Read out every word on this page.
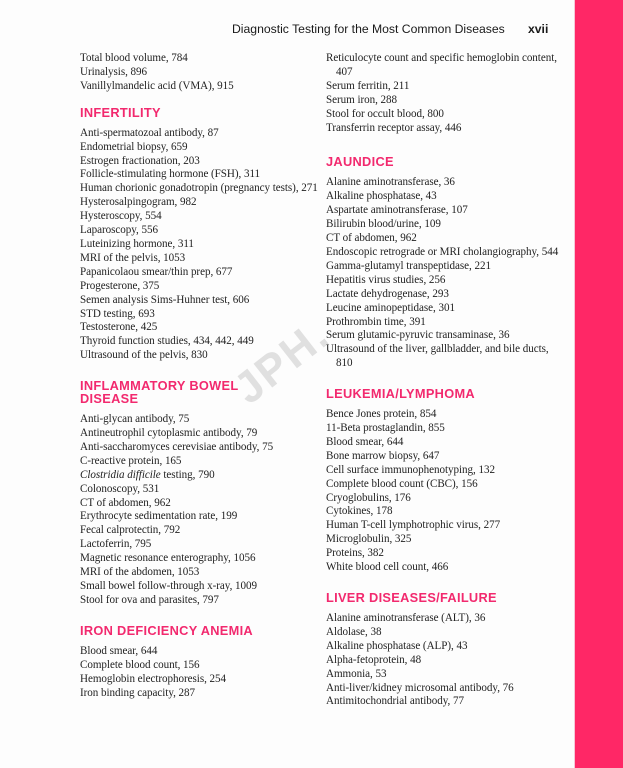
Diagnostic Testing for the Most Common Diseases xvii
JPH.
Total blood volume, 784
Urinalysis, 896
Vanillylmandelic acid (VMA), 915
INFERTILITY
Anti-spermatozoal antibody, 87
Endometrial biopsy, 659
Estrogen fractionation, 203
Follicle-stimulating hormone (FSH), 311
Human chorionic gonadotropin (pregnancy tests), 271
Hysterosalpingogram, 982
Hysteroscopy, 554
Laparoscopy, 556
Luteinizing hormone, 311
MRI of the pelvis, 1053
Papanicolaou smear/thin prep, 677
Progesterone, 375
Semen analysis Sims-Huhner test, 606
STD testing, 693
Testosterone, 425
Thyroid function studies, 434, 442, 449
Ultrasound of the pelvis, 830
INFLAMMATORY BOWEL DISEASE
Anti-glycan antibody, 75
Antineutrophil cytoplasmic antibody, 79
Anti-saccharomyces cerevisiae antibody, 75
C-reactive protein, 165
Clostridia difficile testing, 790
Colonoscopy, 531
CT of abdomen, 962
Erythrocyte sedimentation rate, 199
Fecal calprotectin, 792
Lactoferrin, 795
Magnetic resonance enterography, 1056
MRI of the abdomen, 1053
Small bowel follow-through x-ray, 1009
Stool for ova and parasites, 797
IRON DEFICIENCY ANEMIA
Blood smear, 644
Complete blood count, 156
Hemoglobin electrophoresis, 254
Iron binding capacity, 287
Reticulocyte count and specific hemoglobin content, 407
Serum ferritin, 211
Serum iron, 288
Stool for occult blood, 800
Transferrin receptor assay, 446
JAUNDICE
Alanine aminotransferase, 36
Alkaline phosphatase, 43
Aspartate aminotransferase, 107
Bilirubin blood/urine, 109
CT of abdomen, 962
Endoscopic retrograde or MRI cholangiography, 544
Gamma-glutamyl transpeptidase, 221
Hepatitis virus studies, 256
Lactate dehydrogenase, 293
Leucine aminopeptidase, 301
Prothrombin time, 391
Serum glutamic-pyruvic transaminase, 36
Ultrasound of the liver, gallbladder, and bile ducts, 810
LEUKEMIA/LYMPHOMA
Bence Jones protein, 854
11-Beta prostaglandin, 855
Blood smear, 644
Bone marrow biopsy, 647
Cell surface immunophenotyping, 132
Complete blood count (CBC), 156
Cryoglobulins, 176
Cytokines, 178
Human T-cell lymphotrophic virus, 277
Microglobulin, 325
Proteins, 382
White blood cell count, 466
LIVER DISEASES/FAILURE
Alanine aminotransferase (ALT), 36
Aldolase, 38
Alkaline phosphatase (ALP), 43
Alpha-fetoprotein, 48
Ammonia, 53
Anti-liver/kidney microsomal antibody, 76
Antimitochondrial antibody, 77
